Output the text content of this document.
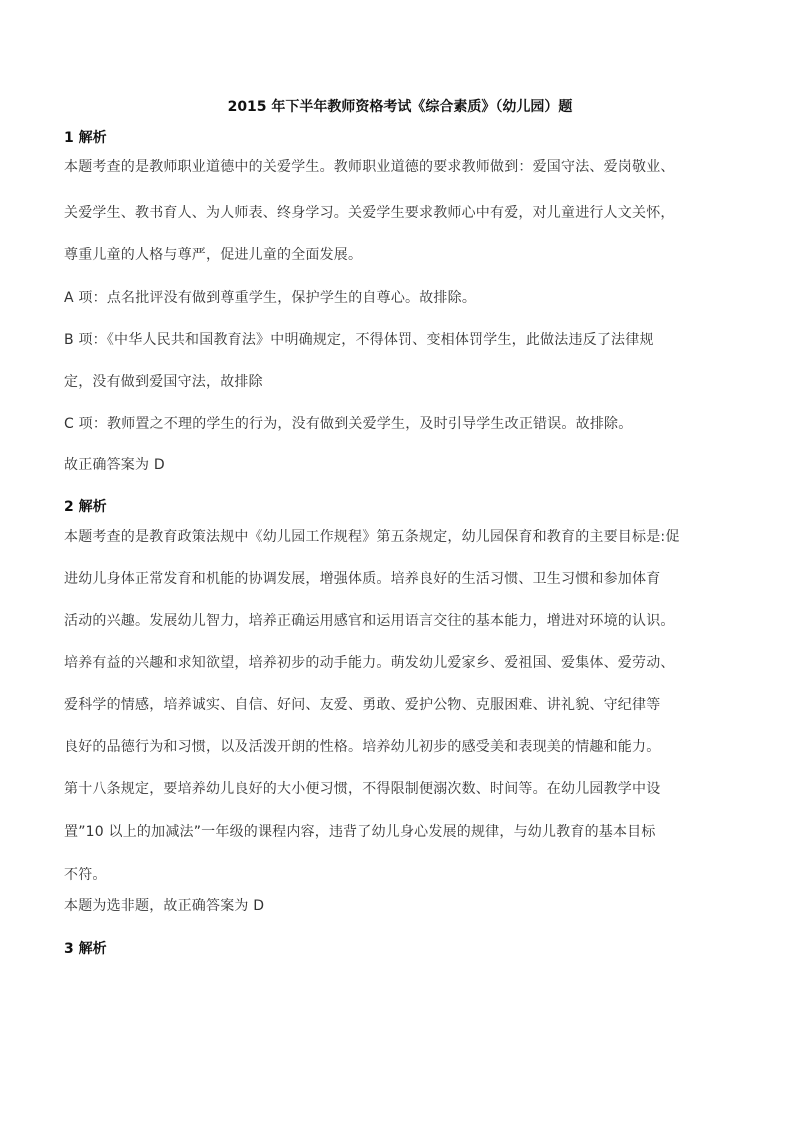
2015 年下半年教师资格考试《综合素质》（幼儿园）题
1 解析
本题考查的是教师职业道德中的关爱学生。教师职业道德的要求教师做到：爱国守法、爱岗敬业、
关爱学生、教书育人、为人师表、终身学习。关爱学生要求教师心中有爱，对儿童进行人文关怀，
尊重儿童的人格与尊严，促进儿童的全面发展。
A 项：点名批评没有做到尊重学生，保护学生的自尊心。故排除。
B 项：《中华人民共和国教育法》中明确规定，不得体罚、变相体罚学生，此做法违反了法律规
定，没有做到爱国守法，故排除
C 项：教师置之不理的学生的行为，没有做到关爱学生，及时引导学生改正错误。故排除。
故正确答案为 D
2 解析
本题考查的是教育政策法规中《幼儿园工作规程》第五条规定，幼儿园保育和教育的主要目标是:促
进幼儿身体正常发育和机能的协调发展，增强体质。培养良好的生活习惯、卫生习惯和参加体育
活动的兴趣。发展幼儿智力，培养正确运用感官和运用语言交往的基本能力，增进对环境的认识。
培养有益的兴趣和求知欲望，培养初步的动手能力。萌发幼儿爱家乡、爱祖国、爱集体、爱劳动、
爱科学的情感，培养诚实、自信、好问、友爱、勇敢、爱护公物、克服困难、讲礼貌、守纪律等
良好的品德行为和习惯，以及活泼开朗的性格。培养幼儿初步的感受美和表现美的情趣和能力。
第十八条规定，要培养幼儿良好的大小便习惯，不得限制便溺次数、时间等。在幼儿园教学中设
置”10 以上的加减法”一年级的课程内容，违背了幼儿身心发展的规律，与幼儿教育的基本目标
不符。
本题为选非题，故正确答案为 D
3 解析
